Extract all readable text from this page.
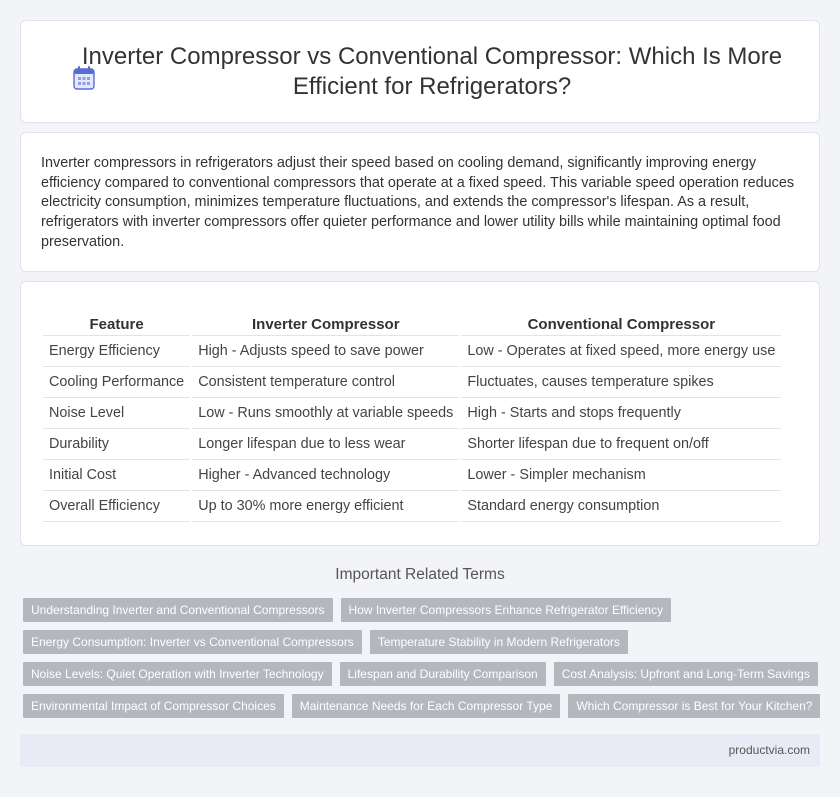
Inverter Compressor vs Conventional Compressor: Which Is More Efficient for Refrigerators?

Inverter compressors in refrigerators adjust their speed based on cooling demand, significantly improving energy efficiency compared to conventional compressors that operate at a fixed speed. This variable speed operation reduces electricity consumption, minimizes temperature fluctuations, and extends the compressor's lifespan. As a result, refrigerators with inverter compressors offer quieter performance and lower utility bills while maintaining optimal food preservation.

Feature	Inverter Compressor	Conventional Compressor
Energy Efficiency	High - Adjusts speed to save power	Low - Operates at fixed speed, more energy use
Cooling Performance	Consistent temperature control	Fluctuates, causes temperature spikes
Noise Level	Low - Runs smoothly at variable speeds	High - Starts and stops frequently
Durability	Longer lifespan due to less wear	Shorter lifespan due to frequent on/off
Initial Cost	Higher - Advanced technology	Lower - Simpler mechanism
Overall Efficiency	Up to 30% more energy efficient	Standard energy consumption
Important Related Terms
Understanding Inverter and Conventional Compressors	How Inverter Compressors Enhance Refrigerator Efficiency
Energy Consumption: Inverter vs Conventional Compressors	Temperature Stability in Modern Refrigerators
Noise Levels: Quiet Operation with Inverter Technology	Lifespan and Durability Comparison	Cost Analysis: Upfront and Long-Term Savings
Environmental Impact of Compressor Choices	Maintenance Needs for Each Compressor Type	Which Compressor is Best for Your Kitchen?
productvia.com
